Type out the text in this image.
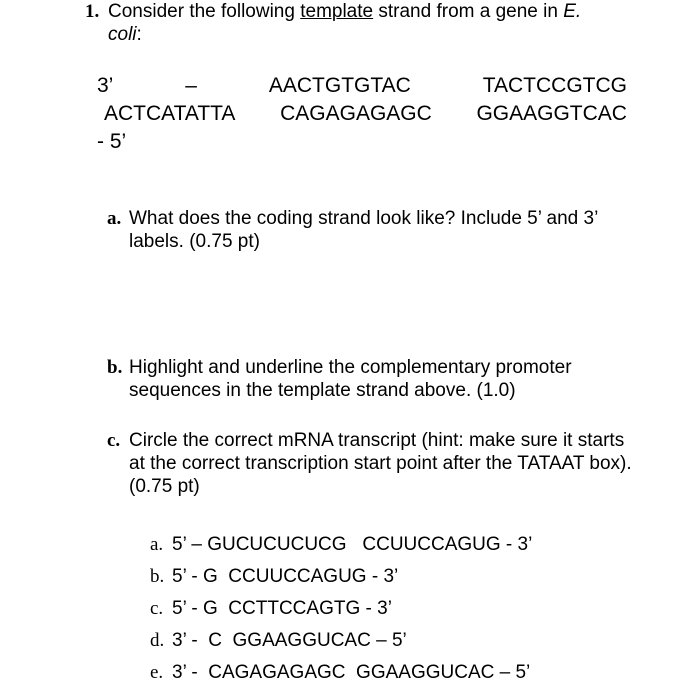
1. Consider the following template strand from a gene in E.
coli:
3’	–	AACTGTGTAC	TACTCCGTCG
ACTCATATTA CAGAGAGAGC GGAAGGTCAC
- 5’
a. What does the coding strand look like? Include 5’ and 3’ labels. (0.75 pt)
b. Highlight and underline the complementary promoter sequences in the template strand above. (1.0)
c. Circle the correct mRNA transcript (hint: make sure it starts at the correct transcription start point after the TATAAT box). (0.75 pt)
a. 5’ – GUCUCUCUCG   CCUUCCAGUG - 3’
b. 5’ - G  CCUUCCAGUG - 3’
c. 5’ - G  CCTTCCAGTG - 3’
d. 3’ -  C  GGAAGGUCAC – 5’
e. 3’ -  CAGAGAGAGC  GGAAGGUCAC – 5’
